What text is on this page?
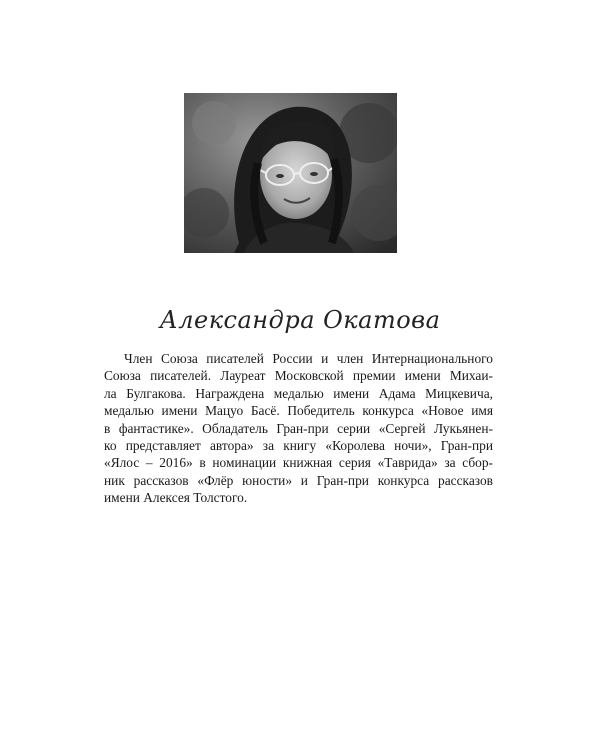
Александра Окатова
Член Союза писателей России и член Интернационального
Союза писателей. Лауреат Московской премии имени Михаи-
ла Булгакова. Награждена медалью имени Адама Мицкевича,
медалью имени Мацуо Басё. Победитель конкурса «Новое имя
в фантастике». Обладатель Гран-при серии «Сергей Лукьянен-
ко представляет автора» за книгу «Королева ночи», Гран-при
«Ялос – 2016» в номинации книжная серия «Таврида» за сбор-
ник рассказов «Флёр юности» и Гран-при конкурса рассказов
имени Алексея Толстого.
